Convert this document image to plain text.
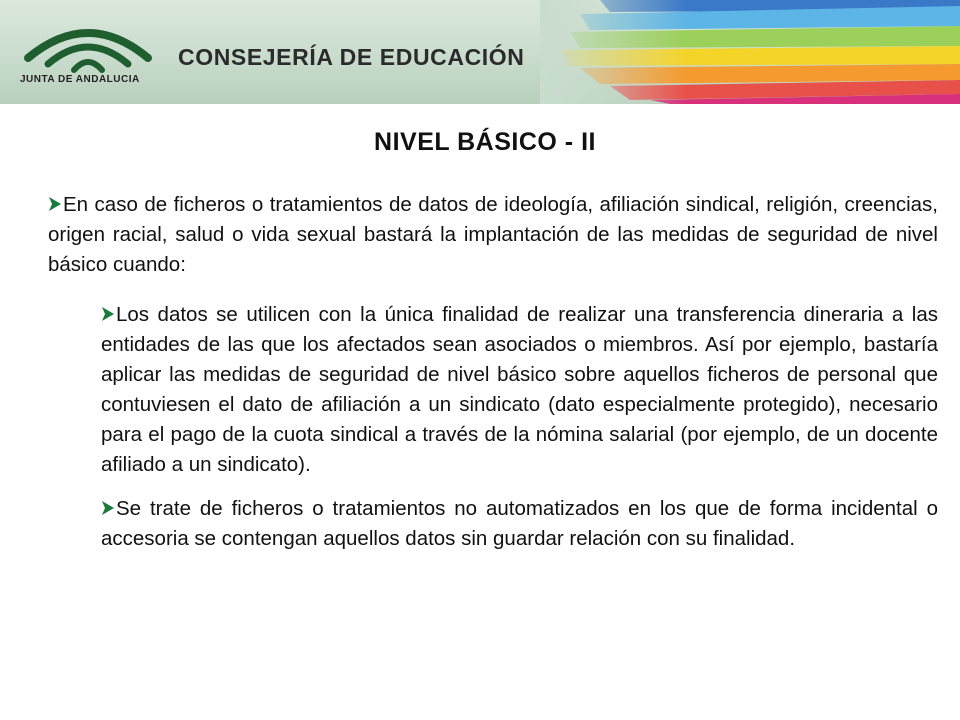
JUNTA DE ANDALUCIA
CONSEJERÍA DE EDUCACIÓN
NIVEL BÁSICO - II

En caso de ficheros o tratamientos de datos de ideología, afiliación sindical, religión, creencias, origen racial, salud o vida sexual bastará la implantación de las medidas de seguridad de nivel básico cuando:

Los datos se utilicen con la única finalidad de realizar una transferencia dineraria a las entidades de las que los afectados sean asociados o miembros. Así por ejemplo, bastaría aplicar las medidas de seguridad de nivel básico sobre aquellos ficheros de personal que contuviesen el dato de afiliación a un sindicato (dato especialmente protegido), necesario para el pago de la cuota sindical a través de la nómina salarial (por ejemplo, de un docente afiliado a un sindicato).

Se trate de ficheros o tratamientos no automatizados en los que de forma incidental o accesoria se contengan aquellos datos sin guardar relación con su finalidad.
